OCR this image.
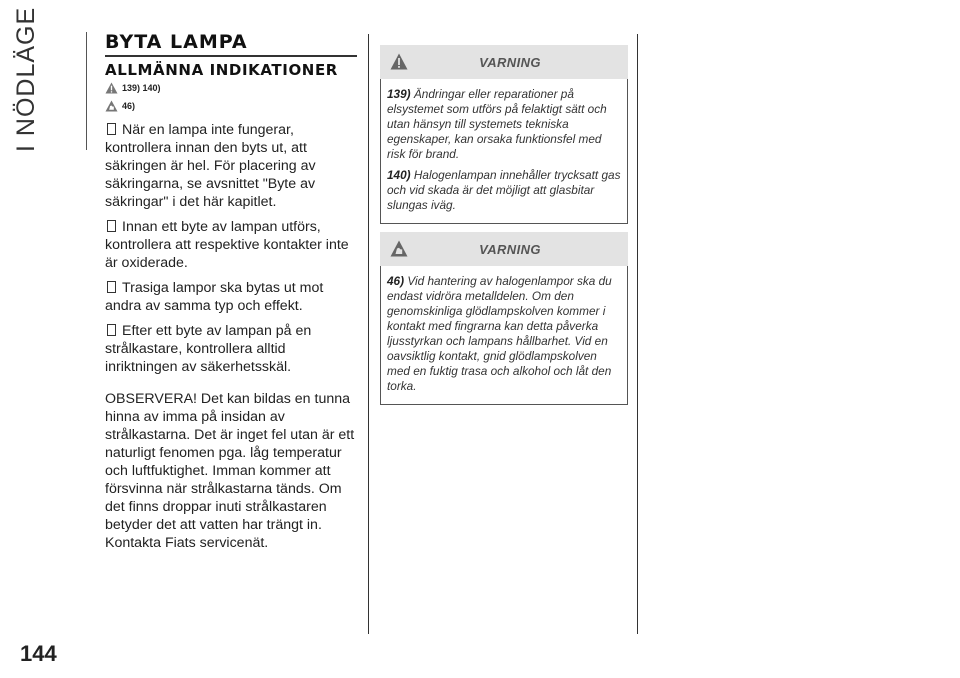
I NÖDLÄGE	BYTA LAMPA
ALLMÄNNA INDIKATIONER
139) 140)
46)
När en lampa inte fungerar, kontrollera innan den byts ut, att säkringen är hel. För placering av säkringarna, se avsnittet "Byte av säkringar" i det här kapitlet.
Innan ett byte av lampan utförs, kontrollera att respektive kontakter inte är oxiderade.
Trasiga lampor ska bytas ut mot andra av samma typ och effekt.
Efter ett byte av lampan på en strålkastare, kontrollera alltid inriktningen av säkerhetsskäl.
OBSERVERA! Det kan bildas en tunna hinna av imma på insidan av strålkastarna. Det är inget fel utan är ett naturligt fenomen pga. låg temperatur och luftfuktighet. Imman kommer att försvinna när strålkastarna tänds. Om det finns droppar inuti strålkastaren betyder det att vatten har trängt in. Kontakta Fiats servicenät.
VARNING

139) Ändringar eller reparationer på elsystemet som utförs på felaktigt sätt och utan hänsyn till systemets tekniska egenskaper, kan orsaka funktionsfel med risk för brand.

140) Halogenlampan innehåller trycksatt gas och vid skada är det möjligt att glasbitar slungas iväg.

VARNING

46) Vid hantering av halogenlampor ska du endast vidröra metalldelen. Om den genomskinliga glödlampskolven kommer i kontakt med fingrarna kan detta påverka ljusstyrkan och lampans hållbarhet. Vid en oavsiktlig kontakt, gnid glödlampskolven med en fuktig trasa och alkohol och låt den torka.

144
